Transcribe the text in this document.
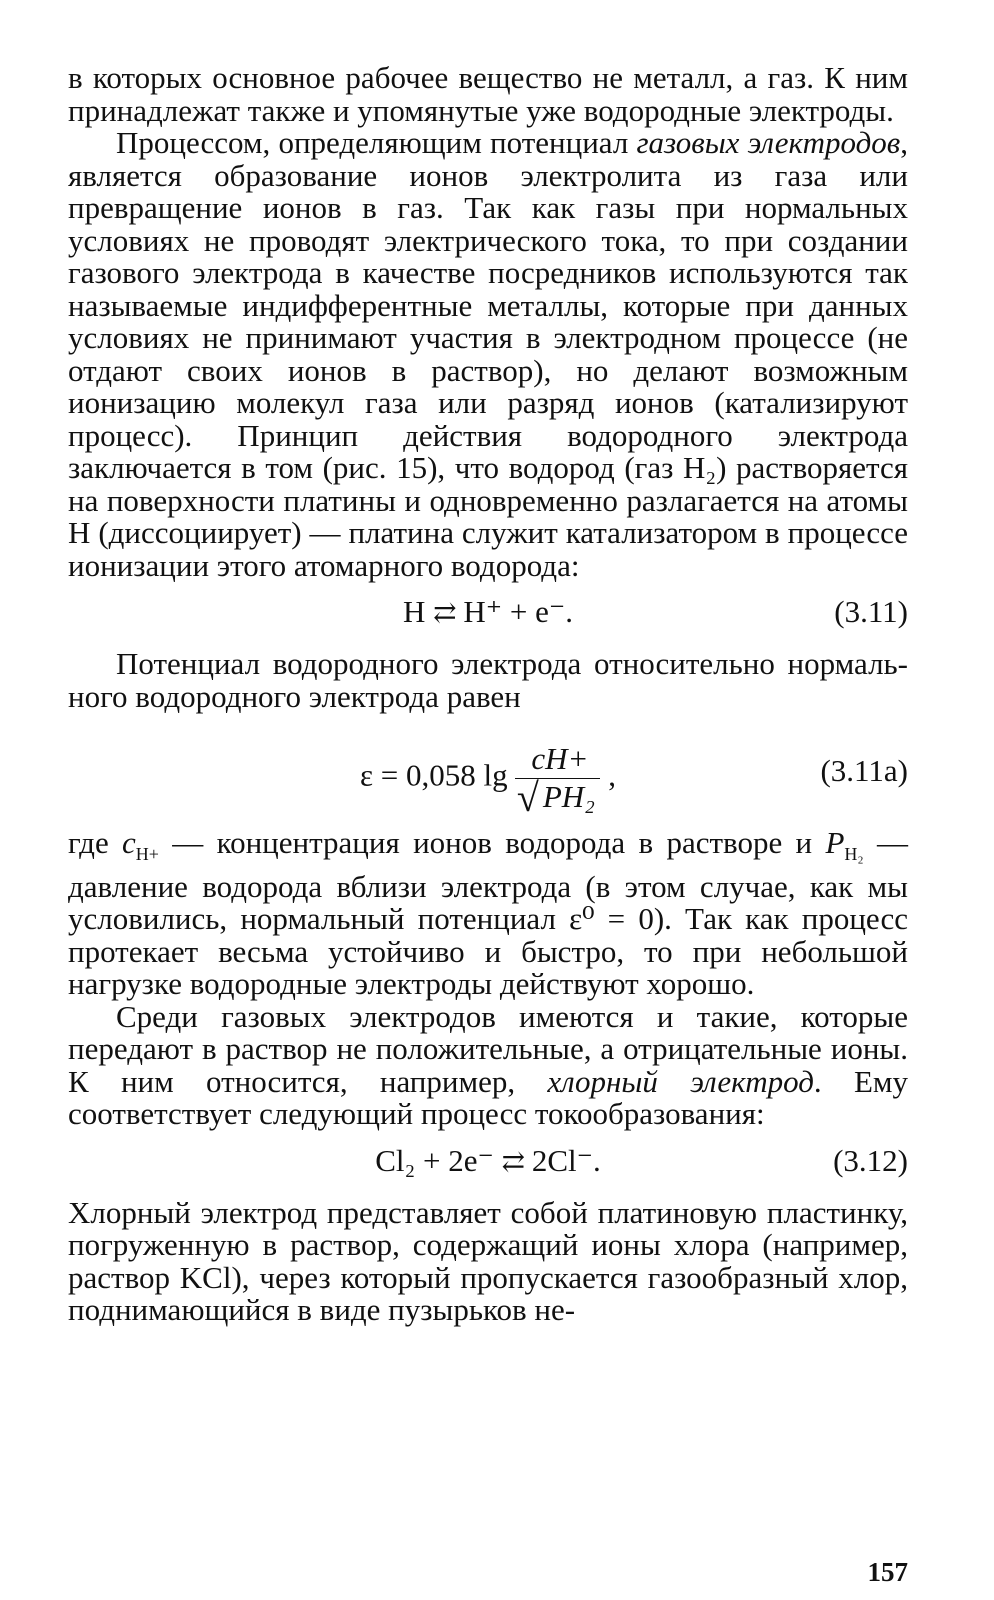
в которых основное рабочее вещество не металл, а газ. К ним принадлежат также и упомянутые уже водородные электроды.

Процессом, определяющим потенциал газовых электродов, является образование ионов электролита из газа или превращение ионов в газ. Так как газы при нормальных условиях не проводят электрического тока, то при создании газового электрода в качестве посредников используются так называемые индифферентные металлы, которые при данных условиях не принимают участия в электродном процессе (не отдают своих ионов в раствор), но делают возможным ионизацию молекул газа или разряд ионов (катализируют процесс). Принцип действия водородного электрода заключается в том (рис. 15), что водород (газ H₂) растворяется на поверхности платины и одновременно разлагается на атомы H (диссоциирует) — платина служит катализатором в процессе ионизации этого атомарного водорода:

H ⇄ H⁺ + e⁻.	(3.11)

Потенциал водородного электрода относительно нормального водородного электрода равен

ε = 0,058 $\lg \frac{cH+}{\text{√ PH₂}}$ ,	(3.11a)

где $c_{H+}$ — концентрация ионов водорода в растворе и $P_{H_2}$ — давление водорода вблизи электрода (в этом случае, как мы условились, нормальный потенциал ε⁰ = 0). Так как процесс протекает весьма устойчиво и быстро, то при небольшой нагрузке водородные электроды действуют хорошо.

Среди газовых электродов имеются и такие, которые передают в раствор не положительные, а отрицательные ионы. К ним относится, например, хлорный электрод. Ему соответствует следующий процесс токообразования:

Cl₂ + 2e⁻ ⇄ 2Cl⁻.	(3.12)

Хлорный электрод представляет собой платиновую пластинку, погруженную в раствор, содержащий ионы хлора (например, раствор KCl), через который пропускается газообразный хлор, поднимающийся в виде пузырьков не-

157
